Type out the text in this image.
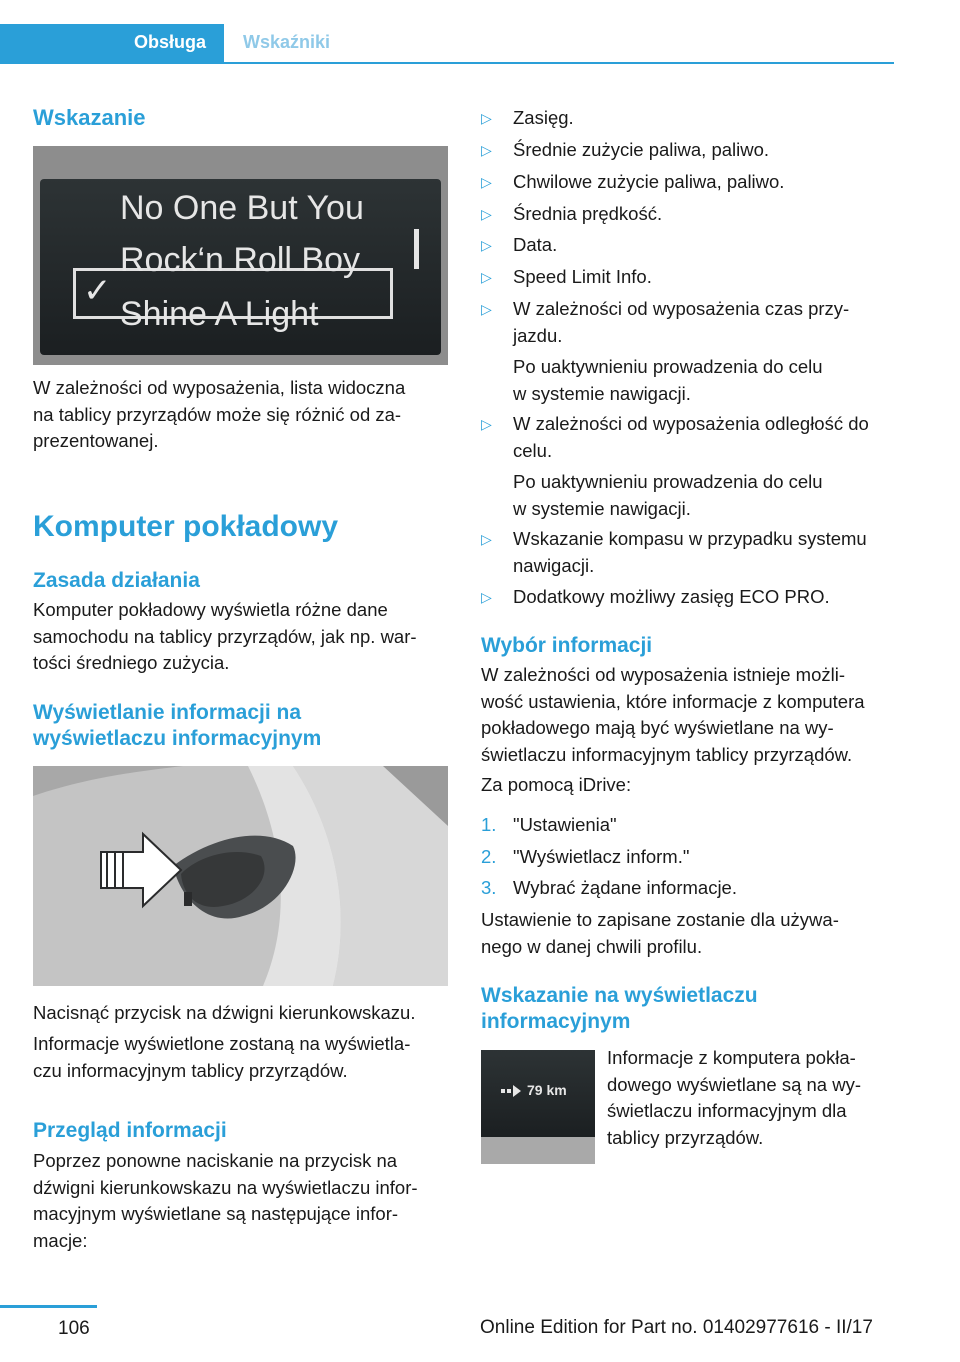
Obsługa Wskaźniki
Wskazanie
No One But You
✓
Rock‘n Roll Boy
Shine A Light
W zależności od wyposażenia, lista widoczna
na tablicy przyrządów może się różnić od za-
prezentowanej.
Komputer pokładowy
Zasada działania
Komputer pokładowy wyświetla różne dane
samochodu na tablicy przyrządów, jak np. war-
tości średniego zużycia.
Wyświetlanie informacji na
wyświetlaczu informacyjnym
Nacisnąć przycisk na dźwigni kierunkowskazu.
Informacje wyświetlone zostaną na wyświetla-
czu informacyjnym tablicy przyrządów.
Przegląd informacji
Poprzez ponowne naciskanie na przycisk na
dźwigni kierunkowskazu na wyświetlaczu infor-
macyjnym wyświetlane są następujące infor-
macje:
▷ Zasięg.
▷ Średnie zużycie paliwa, paliwo.
▷ Chwilowe zużycie paliwa, paliwo.
▷ Średnia prędkość.
▷ Data.
▷ Speed Limit Info.
▷ W zależności od wyposażenia czas przy-
jazdu.
Po uaktywnieniu prowadzenia do celu
w systemie nawigacji.
▷ W zależności od wyposażenia odległość do
celu.
Po uaktywnieniu prowadzenia do celu
w systemie nawigacji.
▷ Wskazanie kompasu w przypadku systemu
nawigacji.
▷ Dodatkowy możliwy zasięg ECO PRO.
Wybór informacji
W zależności od wyposażenia istnieje możli-
wość ustawienia, które informacje z komputera
pokładowego mają być wyświetlane na wy-
świetlaczu informacyjnym tablicy przyrządów.
Za pomocą iDrive:
1. "Ustawienia"
2. "Wyświetlacz inform."
3. Wybrać żądane informacje.
Ustawienie to zapisane zostanie dla używa-
nego w danej chwili profilu.
Wskazanie na wyświetlaczu
informacyjnym
79 km
Informacje z komputera pokła-
dowego wyświetlane są na wy-
świetlaczu informacyjnym dla
tablicy przyrządów.
106	Online Edition for Part no. 01402977616 - II/17
